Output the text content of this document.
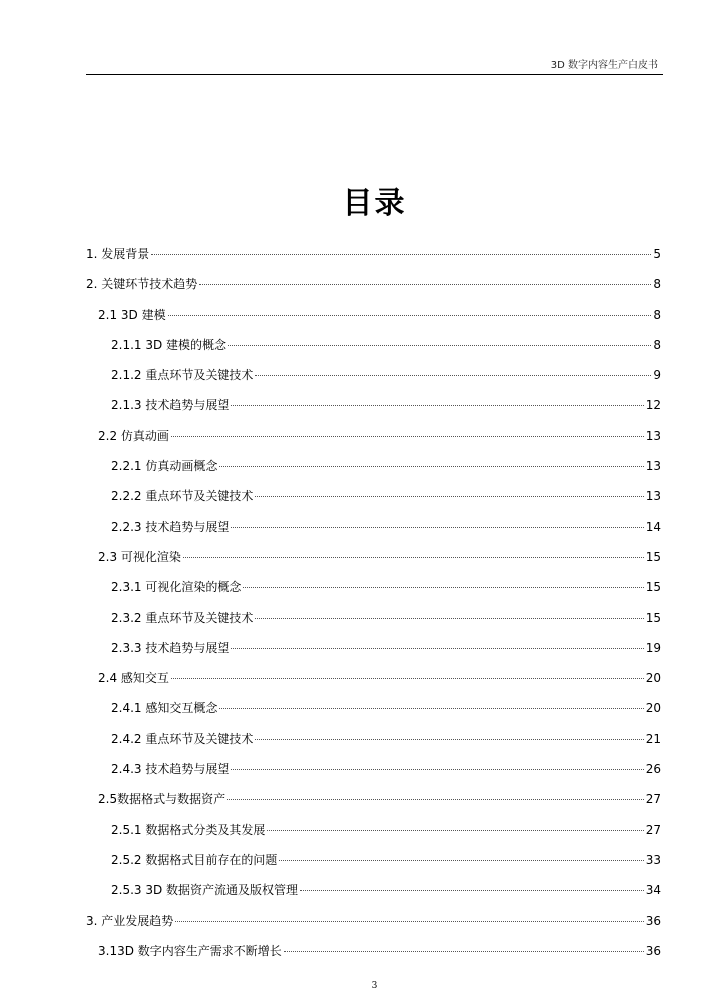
3D 数字内容生产白皮书
目录
1. 发展背景	5
2. 关键环节技术趋势	8
2.1 3D 建模	8
2.1.1 3D 建模的概念	8
2.1.2 重点环节及关键技术	9
2.1.3 技术趋势与展望	12
2.2 仿真动画	13
2.2.1 仿真动画概念	13
2.2.2 重点环节及关键技术	13
2.2.3 技术趋势与展望	14
2.3 可视化渲染	15
2.3.1 可视化渲染的概念	15
2.3.2 重点环节及关键技术	15
2.3.3 技术趋势与展望	19
2.4 感知交互	20
2.4.1 感知交互概念	20
2.4.2 重点环节及关键技术	21
2.4.3 技术趋势与展望	26
2.5数据格式与数据资产	27
2.5.1 数据格式分类及其发展	27
2.5.2 数据格式目前存在的问题	33
2.5.3 3D 数据资产流通及版权管理	34
3. 产业发展趋势	36
3.13D 数字内容生产需求不断增长	36
3
